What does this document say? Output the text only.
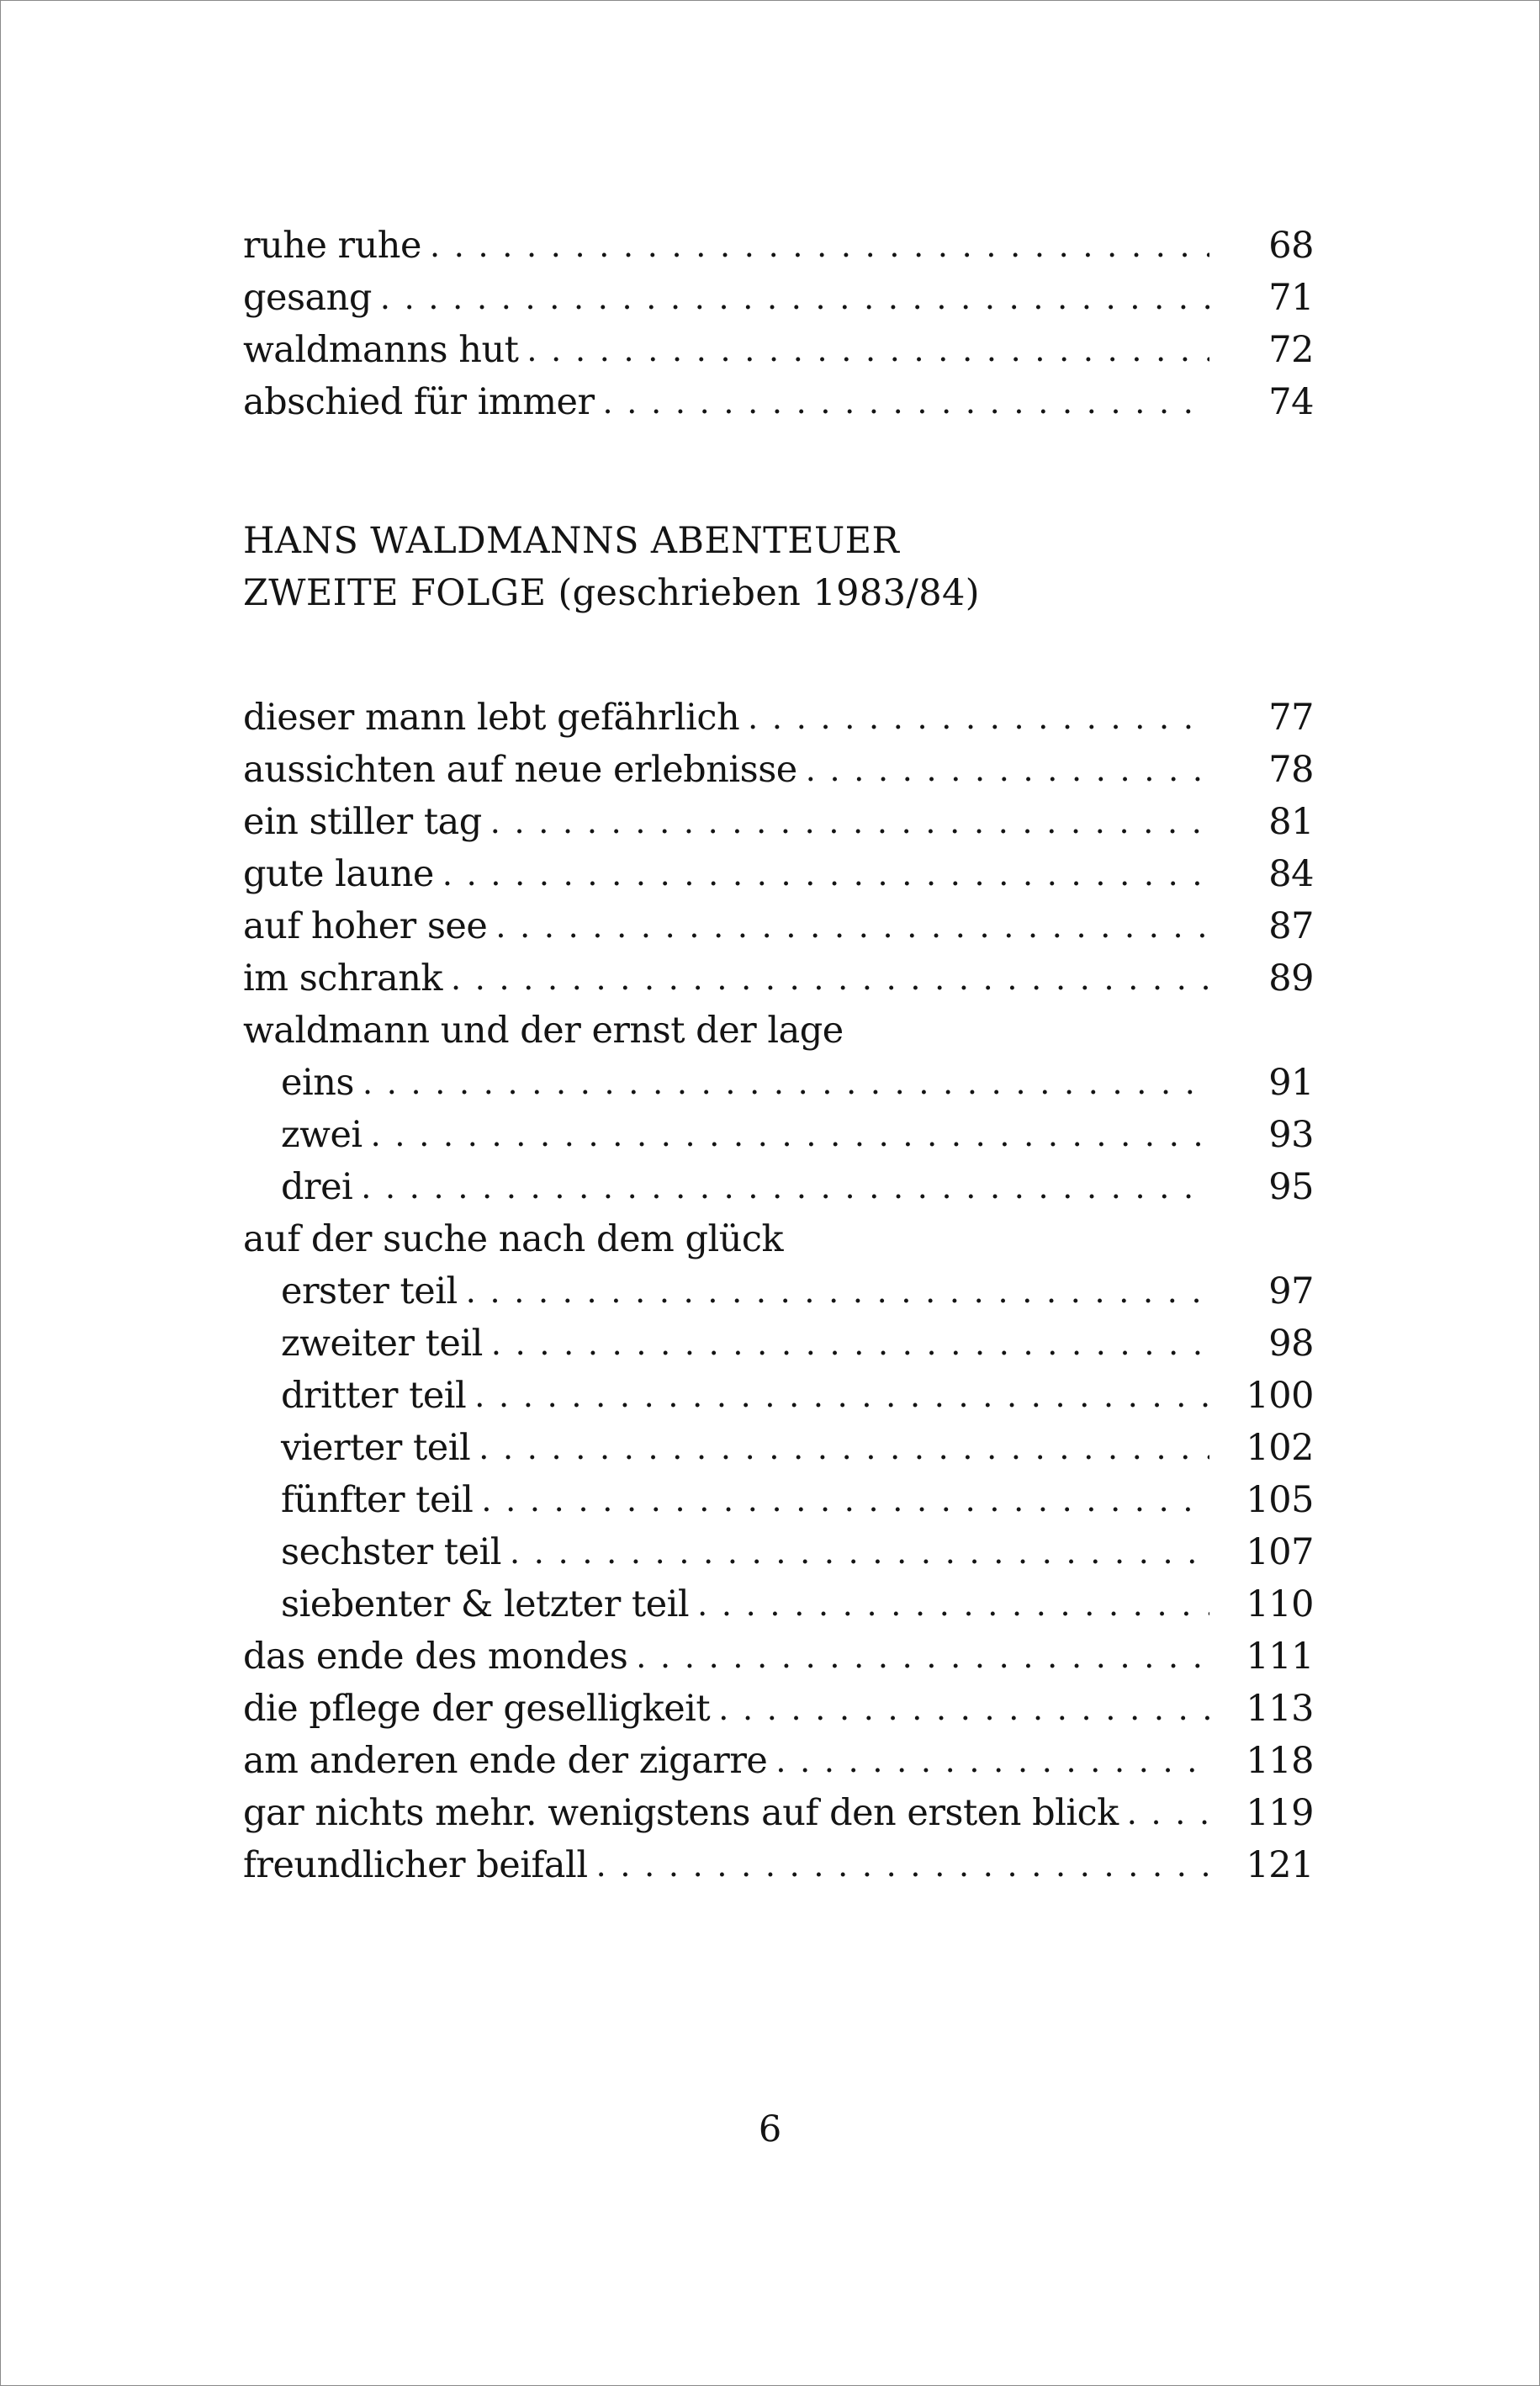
ruhe ruhe . . .	68
gesang . . .	71
waldmanns hut . . .	72
abschied für immer . . .	74
HANS WALDMANNS ABENTEUER
ZWEITE FOLGE (geschrieben 1983/84)
dieser mann lebt gefährlich . . .	77
aussichten auf neue erlebnisse . . .	78
ein stiller tag . . .	81
gute laune . . .	84
auf hoher see . . .	87
im schrank . . .	89
waldmann und der ernst der lage
eins . . .	91
zwei . . .	93
drei . . .	95
auf der suche nach dem glück
erster teil . . .	97
zweiter teil . . .	98
dritter teil . . .	100
vierter teil . . .	102
fünfter teil . . .	105
sechster teil . . .	107
siebenter & letzter teil . . .	110
das ende des mondes . . .	111
die pflege der geselligkeit . . .	113
am anderen ende der zigarre . . .	118
gar nichts mehr. wenigstens auf den ersten blick . . .	119
freundlicher beifall . . .	121
6
